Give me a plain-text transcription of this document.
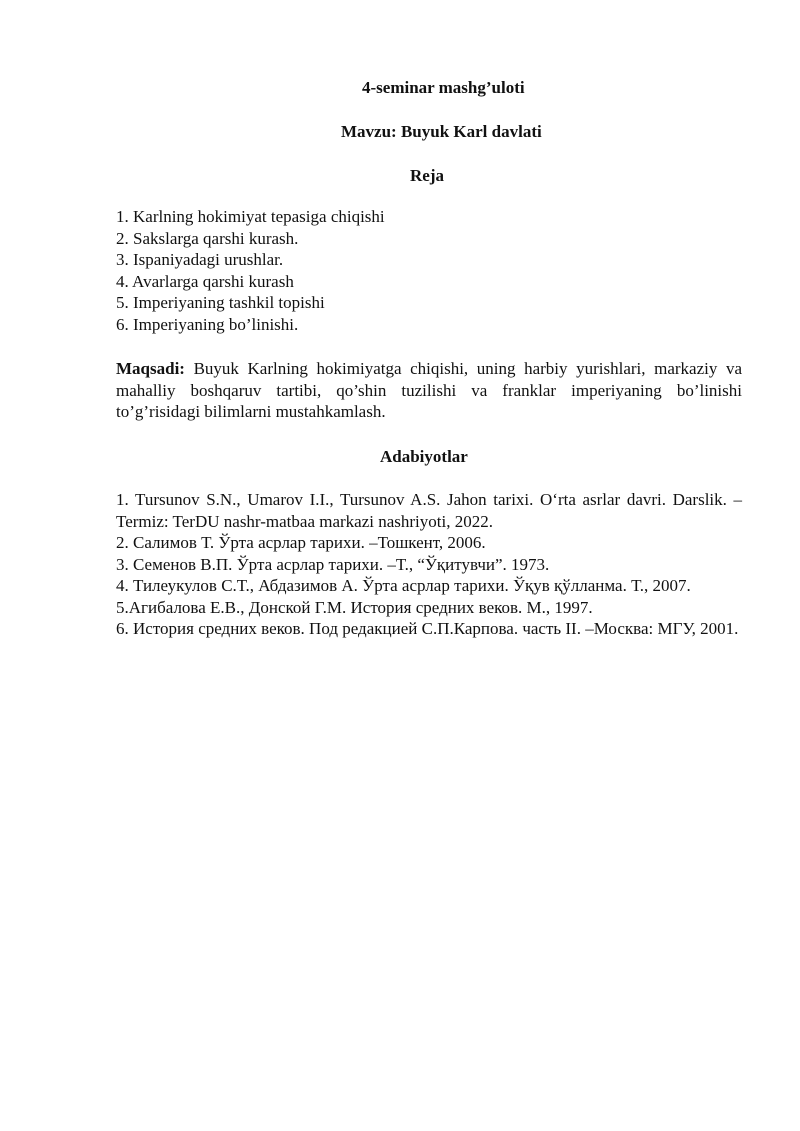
4-seminar mashg’uloti
Mavzu: Buyuk Karl davlati
Reja
1. Karlning hokimiyat tepasiga chiqishi
2. Sakslarga qarshi kurash.
3. Ispaniyadagi urushlar.
4. Avarlarga qarshi kurash
5. Imperiyaning tashkil topishi
6. Imperiyaning bo’linishi.

Maqsadi: Buyuk Karlning hokimiyatga chiqishi, uning harbiy yurishlari, markaziy va mahalliy boshqaruv tartibi, qo’shin tuzilishi va franklar imperiyaning bo’linishi to’g’risidagi bilimlarni mustahkamlash.

Adabiyotlar
1. Tursunov S.N., Umarov I.I., Tursunov A.S. Jahon tarixi. O‘rta asrlar davri. Darslik. –Termiz: TerDU nashr-matbaa markazi nashriyoti, 2022.
2. Салимов Т. Ўрта асрлар тарихи. –Тошкент, 2006.
3. Семенов В.П. Ўрта асрлар тарихи. –Т., “Ўқитувчи”. 1973.
4. Тилеукулов С.Т., Абдазимов А. Ўрта асрлар тарихи. Ўқув қўлланма. Т., 2007.
5.Агибалова Е.В., Донской Г.М. История средних веков. М., 1997.
6. История средних веков. Под редакцией С.П.Карпова. часть II. –Москва: МГУ, 2001.
